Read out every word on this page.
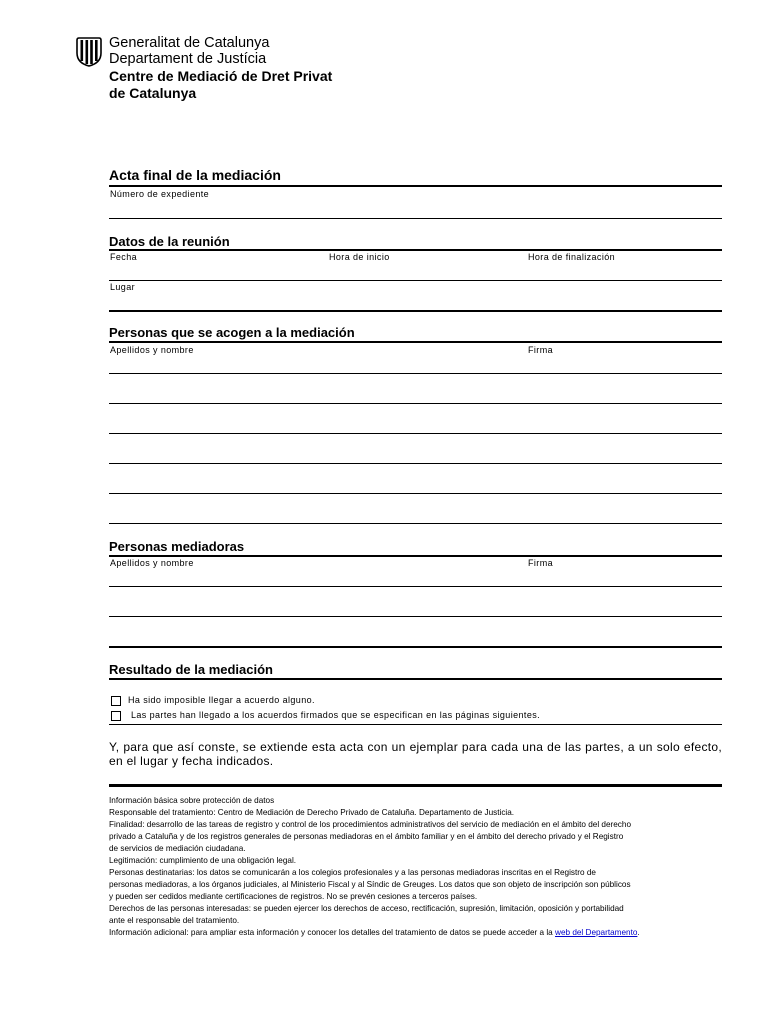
Generalitat de Catalunya
Departament de Justícia
Centre de Mediació de Dret Privat
de Catalunya
Acta final de la mediación
Número de expediente
Datos de la reunión
Fecha	Hora de inicio	Hora de finalización
Lugar
Personas que se acogen a la mediación
Apellidos y nombre	Firma
Personas mediadoras
Apellidos y nombre	Firma
Resultado de la mediación
Ha sido imposible llegar a acuerdo alguno.
Las partes han llegado a los acuerdos firmados que se especifican en las páginas siguientes.
Y, para que así conste, se extiende esta acta con un ejemplar para cada una de las partes, a un solo efecto, en el lugar y fecha indicados.
Información básica sobre protección de datos
Responsable del tratamiento: Centro de Mediación de Derecho Privado de Cataluña. Departamento de Justicia.
Finalidad: desarrollo de las tareas de registro y control de los procedimientos administrativos del servicio de mediación en el ámbito del derecho
privado a Cataluña y de los registros generales de personas mediadoras en el ámbito familiar y en el ámbito del derecho privado y el Registro
de servicios de mediación ciudadana.
Legitimación: cumplimiento de una obligación legal.
Personas destinatarias: los datos se comunicarán a los colegios profesionales y a las personas mediadoras inscritas en el Registro de
personas mediadoras, a los órganos judiciales, al Ministerio Fiscal y al Síndic de Greuges. Los datos que son objeto de inscripción son públicos
y pueden ser cedidos mediante certificaciones de registros. No se prevén cesiones a terceros países.
Derechos de las personas interesadas: se pueden ejercer los derechos de acceso, rectificación, supresión, limitación, oposición y portabilidad
ante el responsable del tratamiento.
Información adicional: para ampliar esta información y conocer los detalles del tratamiento de datos se puede acceder a la web del Departamento.
